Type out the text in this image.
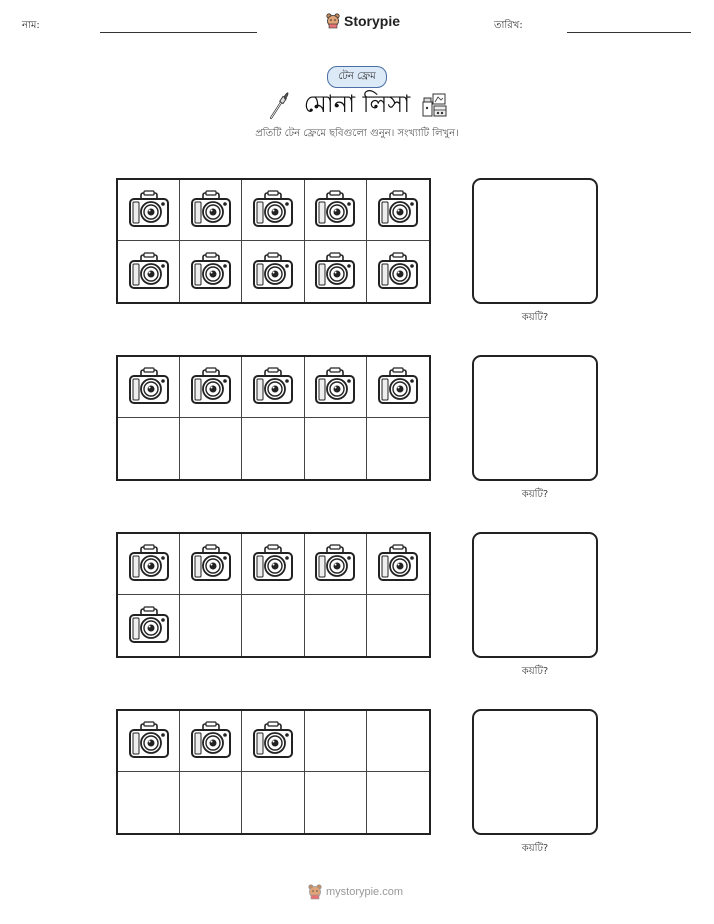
নাম:	Storypie	তারিখ:
টেন ফ্রেম
মোনা লিসা
প্রতিটি টেন ফ্রেমে ছবিগুলো গুনুন। সংখ্যাটি লিখুন।
কয়টি?
কয়টি?
কয়টি?
কয়টি?
mystorypie.com
